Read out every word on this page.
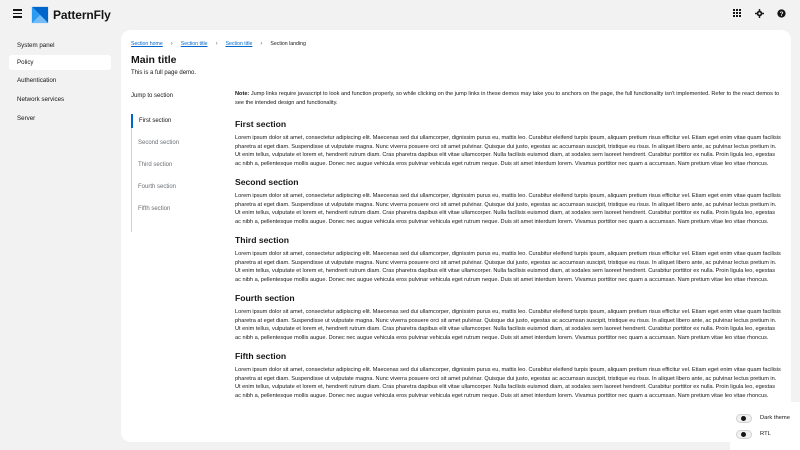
PatternFly	?
System panel
Policy
Authentication
Network services
Server
Section home › Section title › Section title › Section landing
Main title
This is a full page demo.
Jump to section
First section
Second section
Third section
Fourth section
Fifth section

Note: Jump links require javascript to look and function properly, so while clicking on the jump links in these demos may take you to anchors on the page, the full functionality isn't implemented. Refer to the react demos to see the intended design and functionality.

First section

Lorem ipsum dolor sit amet, consectetur adipiscing elit. Maecenas sed dui ullamcorper, dignissim purus eu, mattis leo. Curabitur eleifend turpis ipsum, aliquam pretium risus efficitur vel. Etiam eget enim vitae quam facilisis pharetra at eget diam. Suspendisse ut vulputate magna. Nunc viverra posuere orci sit amet pulvinar. Quisque dui justo, egestas ac accumsan suscipit, tristique eu risus. In aliquet libero ante, ac pulvinar lectus pretium in. Ut enim tellus, vulputate et lorem et, hendrerit rutrum diam. Cras pharetra dapibus elit vitae ullamcorper. Nulla facilisis euismod diam, at sodales sem laoreet hendrerit. Curabitur porttitor ex nulla. Proin ligula leo, egestas ac nibh a, pellentesque mollis augue. Donec nec augue vehicula eros pulvinar vehicula eget rutrum neque. Duis sit amet interdum lorem. Vivamus porttitor nec quam a accumsan. Nam pretium vitae leo vitae rhoncus.

Second section

Lorem ipsum dolor sit amet, consectetur adipiscing elit. Maecenas sed dui ullamcorper, dignissim purus eu, mattis leo. Curabitur eleifend turpis ipsum, aliquam pretium risus efficitur vel. Etiam eget enim vitae quam facilisis pharetra at eget diam. Suspendisse ut vulputate magna. Nunc viverra posuere orci sit amet pulvinar. Quisque dui justo, egestas ac accumsan suscipit, tristique eu risus. In aliquet libero ante, ac pulvinar lectus pretium in. Ut enim tellus, vulputate et lorem et, hendrerit rutrum diam. Cras pharetra dapibus elit vitae ullamcorper. Nulla facilisis euismod diam, at sodales sem laoreet hendrerit. Curabitur porttitor ex nulla. Proin ligula leo, egestas ac nibh a, pellentesque mollis augue. Donec nec augue vehicula eros pulvinar vehicula eget rutrum neque. Duis sit amet interdum lorem. Vivamus porttitor nec quam a accumsan. Nam pretium vitae leo vitae rhoncus.

Third section

Lorem ipsum dolor sit amet, consectetur adipiscing elit. Maecenas sed dui ullamcorper, dignissim purus eu, mattis leo. Curabitur eleifend turpis ipsum, aliquam pretium risus efficitur vel. Etiam eget enim vitae quam facilisis pharetra at eget diam. Suspendisse ut vulputate magna. Nunc viverra posuere orci sit amet pulvinar. Quisque dui justo, egestas ac accumsan suscipit, tristique eu risus. In aliquet libero ante, ac pulvinar lectus pretium in. Ut enim tellus, vulputate et lorem et, hendrerit rutrum diam. Cras pharetra dapibus elit vitae ullamcorper. Nulla facilisis euismod diam, at sodales sem laoreet hendrerit. Curabitur porttitor ex nulla. Proin ligula leo, egestas ac nibh a, pellentesque mollis augue. Donec nec augue vehicula eros pulvinar vehicula eget rutrum neque. Duis sit amet interdum lorem. Vivamus porttitor nec quam a accumsan. Nam pretium vitae leo vitae rhoncus.

Fourth section

Lorem ipsum dolor sit amet, consectetur adipiscing elit. Maecenas sed dui ullamcorper, dignissim purus eu, mattis leo. Curabitur eleifend turpis ipsum, aliquam pretium risus efficitur vel. Etiam eget enim vitae quam facilisis pharetra at eget diam. Suspendisse ut vulputate magna. Nunc viverra posuere orci sit amet pulvinar. Quisque dui justo, egestas ac accumsan suscipit, tristique eu risus. In aliquet libero ante, ac pulvinar lectus pretium in. Ut enim tellus, vulputate et lorem et, hendrerit rutrum diam. Cras pharetra dapibus elit vitae ullamcorper. Nulla facilisis euismod diam, at sodales sem laoreet hendrerit. Curabitur porttitor ex nulla. Proin ligula leo, egestas ac nibh a, pellentesque mollis augue. Donec nec augue vehicula eros pulvinar vehicula eget rutrum neque. Duis sit amet interdum lorem. Vivamus porttitor nec quam a accumsan. Nam pretium vitae leo vitae rhoncus.

Fifth section

Lorem ipsum dolor sit amet, consectetur adipiscing elit. Maecenas sed dui ullamcorper, dignissim purus eu, mattis leo. Curabitur eleifend turpis ipsum, aliquam pretium risus efficitur vel. Etiam eget enim vitae quam facilisis pharetra at eget diam. Suspendisse ut vulputate magna. Nunc viverra posuere orci sit amet pulvinar. Quisque dui justo, egestas ac accumsan suscipit, tristique eu risus. In aliquet libero ante, ac pulvinar lectus pretium in. Ut enim tellus, vulputate et lorem et, hendrerit rutrum diam. Cras pharetra dapibus elit vitae ullamcorper. Nulla facilisis euismod diam, at sodales sem laoreet hendrerit. Curabitur porttitor ex nulla. Proin ligula leo, egestas ac nibh a, pellentesque mollis augue. Donec nec augue vehicula eros pulvinar vehicula eget rutrum neque. Duis sit amet interdum lorem. Vivamus porttitor nec quam a accumsan. Nam pretium vitae leo vitae rhoncus.

Dark theme
RTL
